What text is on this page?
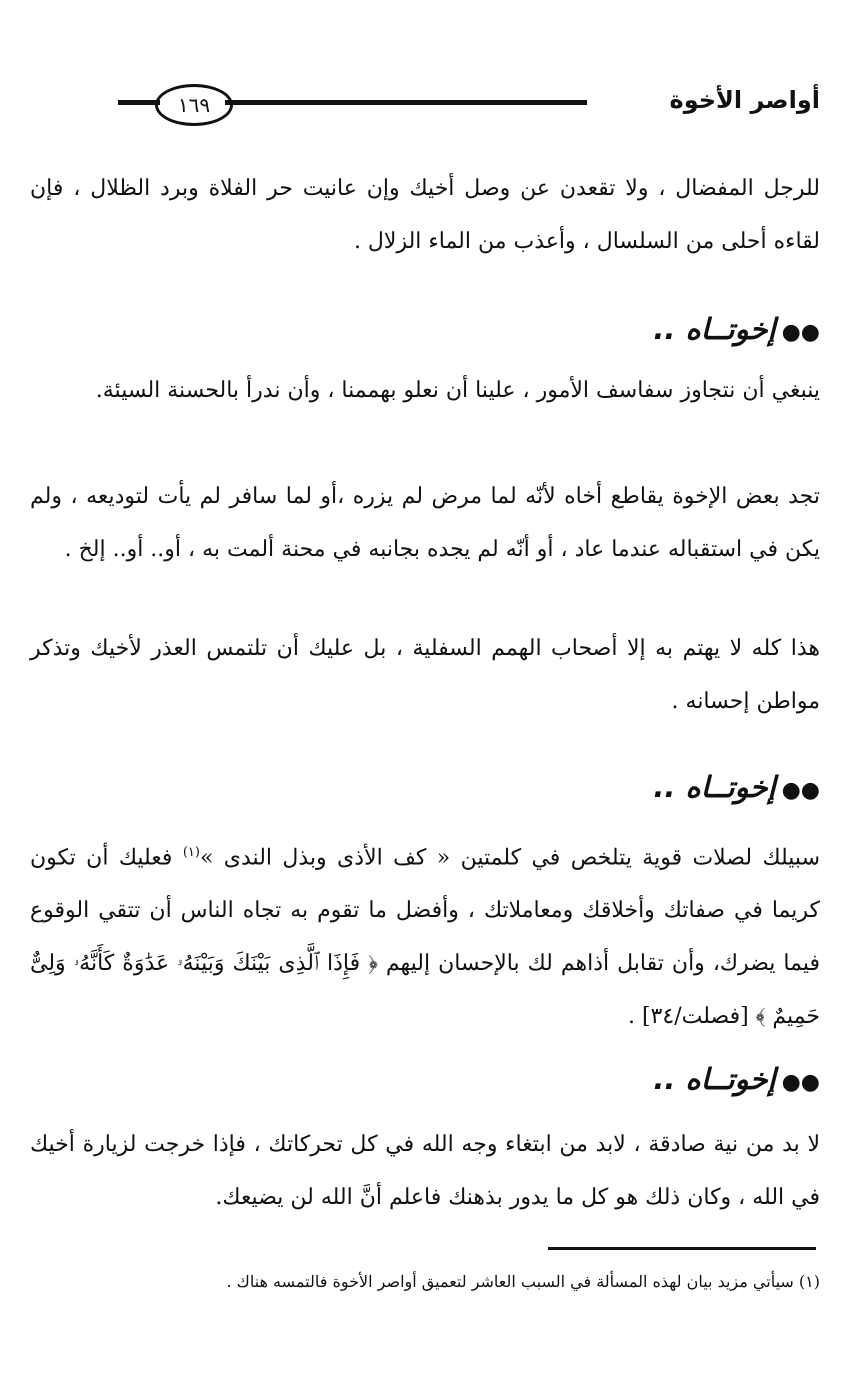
١٦٩	أواصر الأخوة
للرجل المفضال ، ولا تقعدن عن وصل أخيك وإن عانيت حر الفلاة وبرد الظلال ، فإن لقاءه أحلى من السلسال ، وأعذب من الماء الزلال .
●●إخوتــاه ..
ينبغي أن نتجاوز سفاسف الأمور ، علينا أن نعلو بهممنا ، وأن ندرأ بالحسنة السيئة.
تجد بعض الإخوة يقاطع أخاه لأنّه لما مرض لم يزره ،أو لما سافر لم يأت لتوديعه ، ولم يكن في استقباله عندما عاد ، أو أنّه لم يجده بجانبه في محنة ألمت به ، أو.. أو.. إلخ .
هذا كله لا يهتم به إلا أصحاب الهمم السفلية ، بل عليك أن تلتمس العذر لأخيك وتذكر مواطن إحسانه .
●●إخوتــاه ..
سبيلك لصلات قوية يتلخص في كلمتين « كف الأذى وبذل الندى »$^{(١)}$ فعليك أن تكون كريما في صفاتك وأخلاقك ومعاملاتك ، وأفضل ما تقوم به تجاه الناس أن تتقي الوقوع فيما يضرك، وأن تقابل أذاهم لك بالإحسان إليهم ﴿ فَإِذَا ٱلَّذِى بَيْنَكَ وَبَيْنَهُۥ عَدَٰوَةٌ كَأَنَّهُۥ وَلِىٌّ حَمِيمٌ ﴾ [فصلت/٣٤] .
●●إخوتــاه ..
لا بد من نية صادقة ، لابد من ابتغاء وجه الله في كل تحركاتك ، فإذا خرجت لزيارة أخيك في الله ، وكان ذلك هو كل ما يدور بذهنك فاعلم أنَّ الله لن يضيعك.
(١) سيأتي مزيد بيان لهذه المسألة في السبب العاشر لتعميق أواصر الأخوة فالتمسه هناك .
